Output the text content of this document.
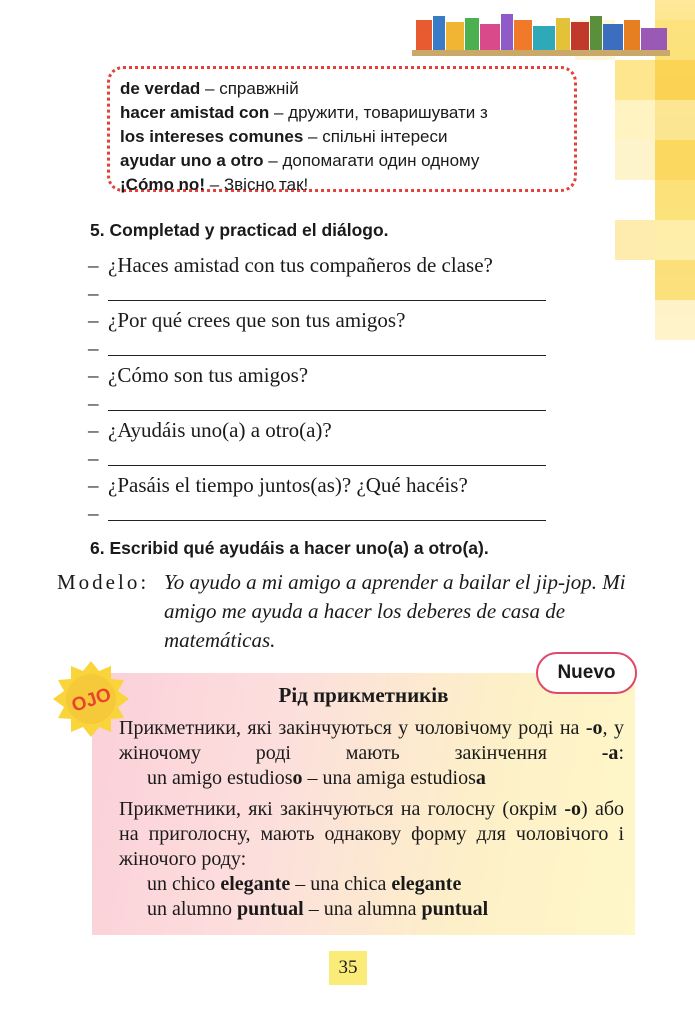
de verdad – справжній
hacer amistad con – дружити, товаришувати з
los intereses comunes – спільні інтереси
ayudar uno a otro – допомагати один одному
¡Cómo no! – Звісно так!
5. Completad y practicad el diálogo.
– ¿Haces amistad con tus compañeros de clase?
–
– ¿Por qué crees que son tus amigos?
–
– ¿Cómo son tus amigos?
–
– ¿Ayudáis uno(a) a otro(a)?
–
– ¿Pasáis el tiempo juntos(as)? ¿Qué hacéis?
–
6. Escribid qué ayudáis a hacer uno(a) a otro(a).
Modelo: Yo ayudo a mi amigo a aprender a bailar el jip-jop. Mi amigo me ayuda a hacer los deberes de casa de matemáticas.
OJO
Nuevo
Рід прикметників
Прикметники, які закінчуються у чоловічому роді на -o, у жіночому роді мають закінчення -a:
un amigo estudioso – una amiga estudiosa
Прикметники, які закінчуються на голосну (окрім -o) або на приголосну, мають однакову форму для чоловічого і жіночого роду:
un chico elegante – una chica elegante
un alumno puntual – una alumna puntual
35
